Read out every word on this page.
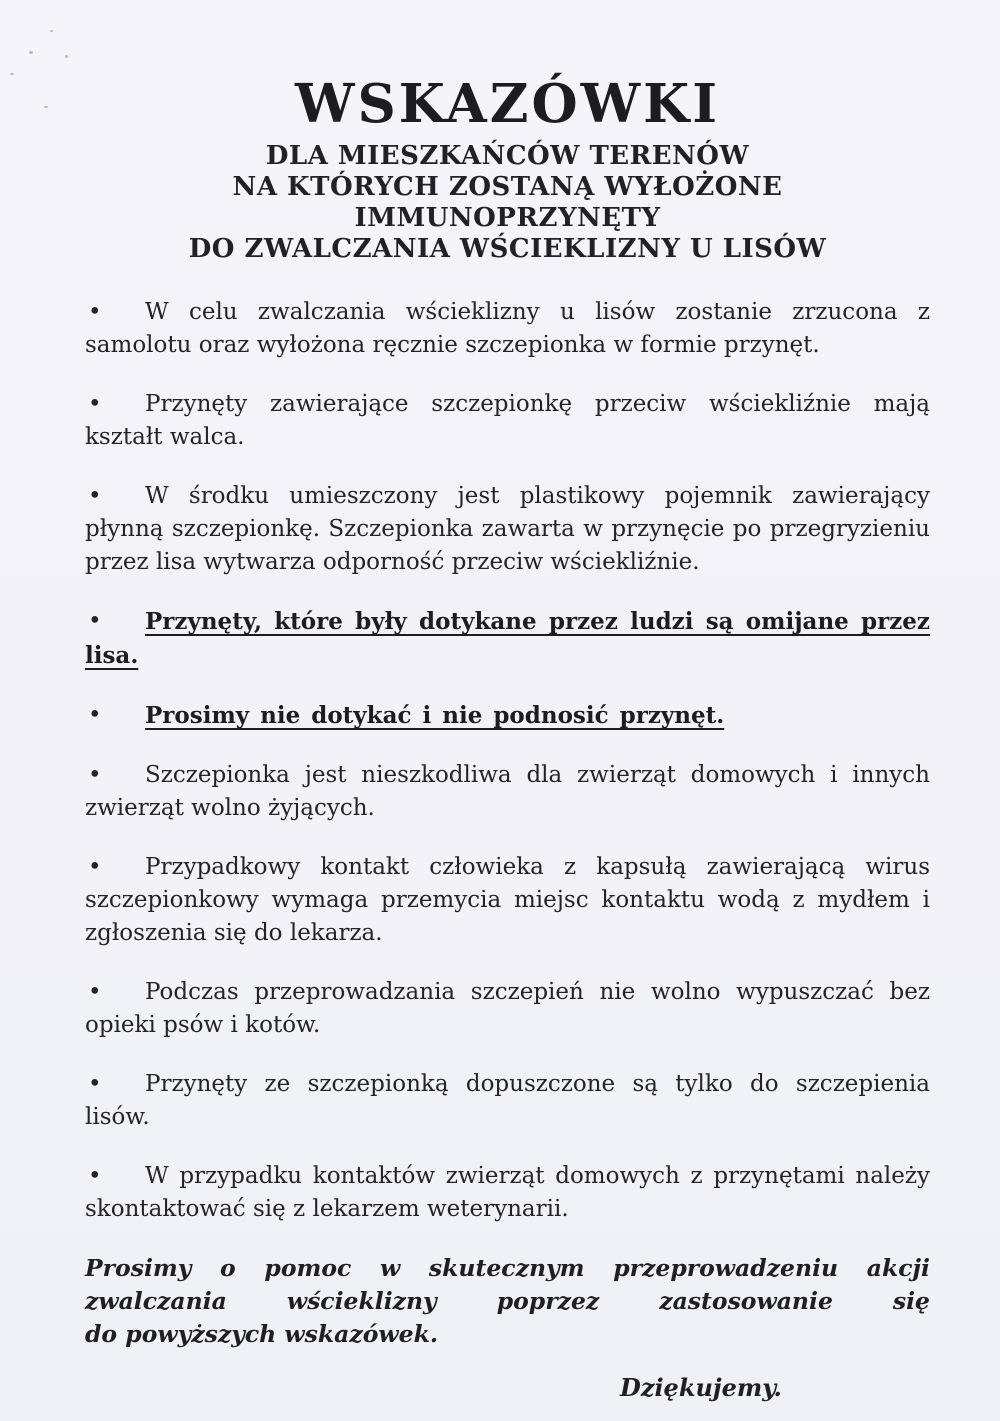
WSKAZÓWKI
DLA MIESZKAŃCÓW TERENÓW
NA KTÓRYCH ZOSTANĄ WYŁOŻONE IMMUNOPRZYNĘTY
DO ZWALCZANIA WŚCIEKLIZNY U LISÓW
• W celu zwalczania wścieklizny u lisów zostanie zrzucona z samolotu oraz wyłożona ręcznie szczepionka w formie przynęt.
• Przynęty zawierające szczepionkę przeciw wściekliźnie mają kształt walca.
• W środku umieszczony jest plastikowy pojemnik zawierający płynną szczepionkę. Szczepionka zawarta w przynęcie po przegryzieniu przez lisa wytwarza odporność przeciw wściekliźnie.
• Przynęty, które były dotykane przez ludzi są omijane przez lisa.
• Prosimy nie dotykać i nie podnosić przynęt.
• Szczepionka jest nieszkodliwa dla zwierząt domowych i innych zwierząt wolno żyjących.
• Przypadkowy kontakt człowieka z kapsułą zawierającą wirus szczepionkowy wymaga przemycia miejsc kontaktu wodą z mydłem i zgłoszenia się do lekarza.
• Podczas przeprowadzania szczepień nie wolno wypuszczać bez opieki psów i kotów.
• Przynęty ze szczepionką dopuszczone są tylko do szczepienia lisów.
• W przypadku kontaktów zwierząt domowych z przynętami należy skontaktować się z lekarzem weterynarii.
Prosimy o pomoc w skutecznym przeprowadzeniu akcji
zwalczania wścieklizny poprzez zastosowanie się
do powyższych wskazówek.
Dziękujemy.
